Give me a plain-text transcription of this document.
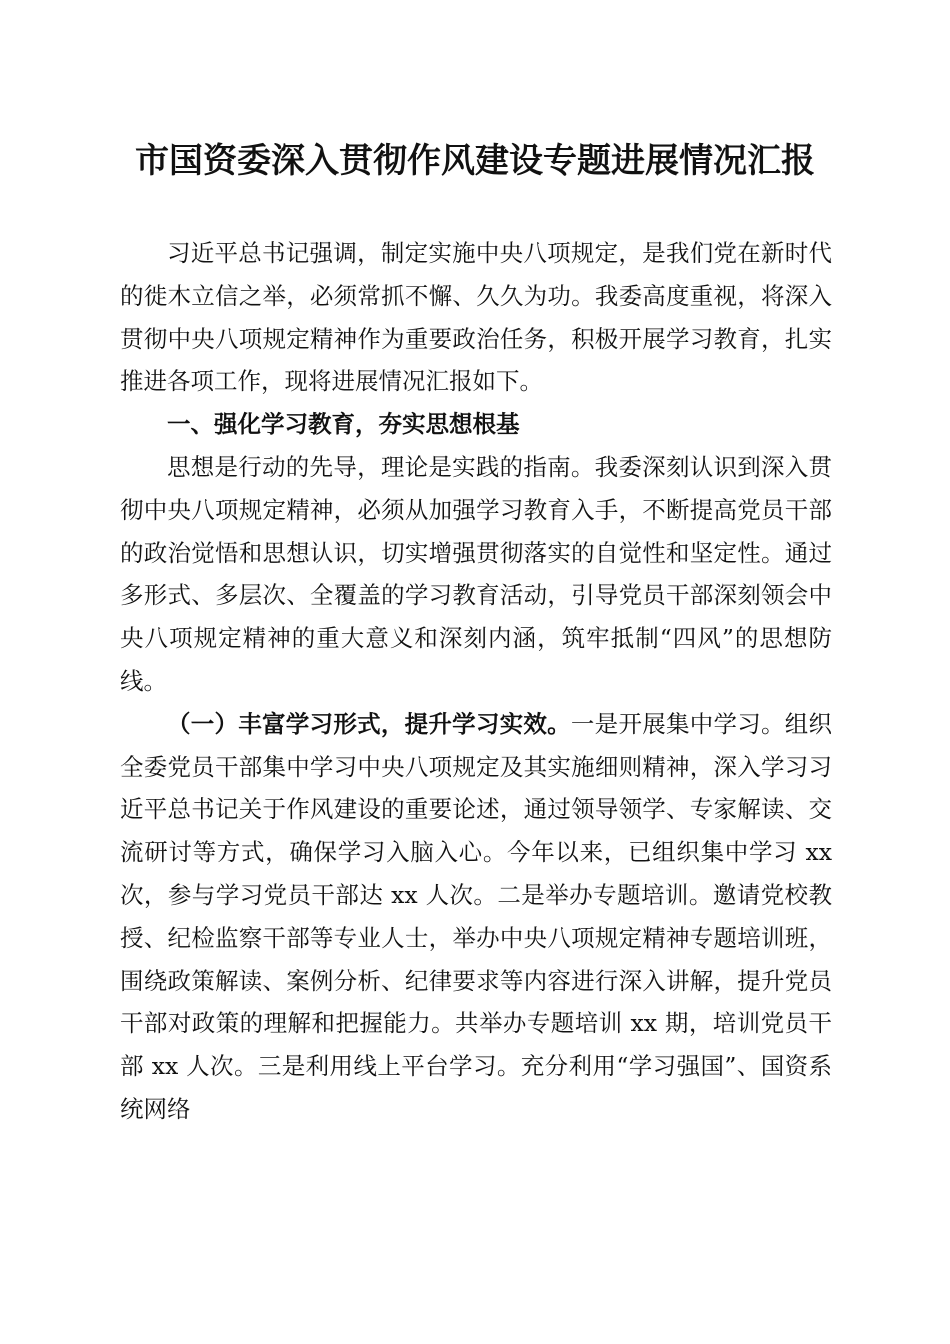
市国资委深入贯彻作风建设专题进展情况汇报

习近平总书记强调，制定实施中央八项规定，是我们党在新时代的徙木立信之举，必须常抓不懈、久久为功。我委高度重视，将深入贯彻中央八项规定精神作为重要政治任务，积极开展学习教育，扎实推进各项工作，现将进展情况汇报如下。

一、强化学习教育，夯实思想根基

思想是行动的先导，理论是实践的指南。我委深刻认识到深入贯彻中央八项规定精神，必须从加强学习教育入手，不断提高党员干部的政治觉悟和思想认识，切实增强贯彻落实的自觉性和坚定性。通过多形式、多层次、全覆盖的学习教育活动，引导党员干部深刻领会中央八项规定精神的重大意义和深刻内涵，筑牢抵制“四风”的思想防线。

（一）丰富学习形式，提升学习实效。一是开展集中学习。组织全委党员干部集中学习中央八项规定及其实施细则精神，深入学习习近平总书记关于作风建设的重要论述，通过领导领学、专家解读、交流研讨等方式，确保学习入脑入心。今年以来，已组织集中学习 xx 次，参与学习党员干部达 xx 人次。二是举办专题培训。邀请党校教授、纪检监察干部等专业人士，举办中央八项规定精神专题培训班，围绕政策解读、案例分析、纪律要求等内容进行深入讲解，提升党员干部对政策的理解和把握能力。共举办专题培训 xx 期，培训党员干部 xx 人次。三是利用线上平台学习。充分利用“学习强国”、国资系统网络
